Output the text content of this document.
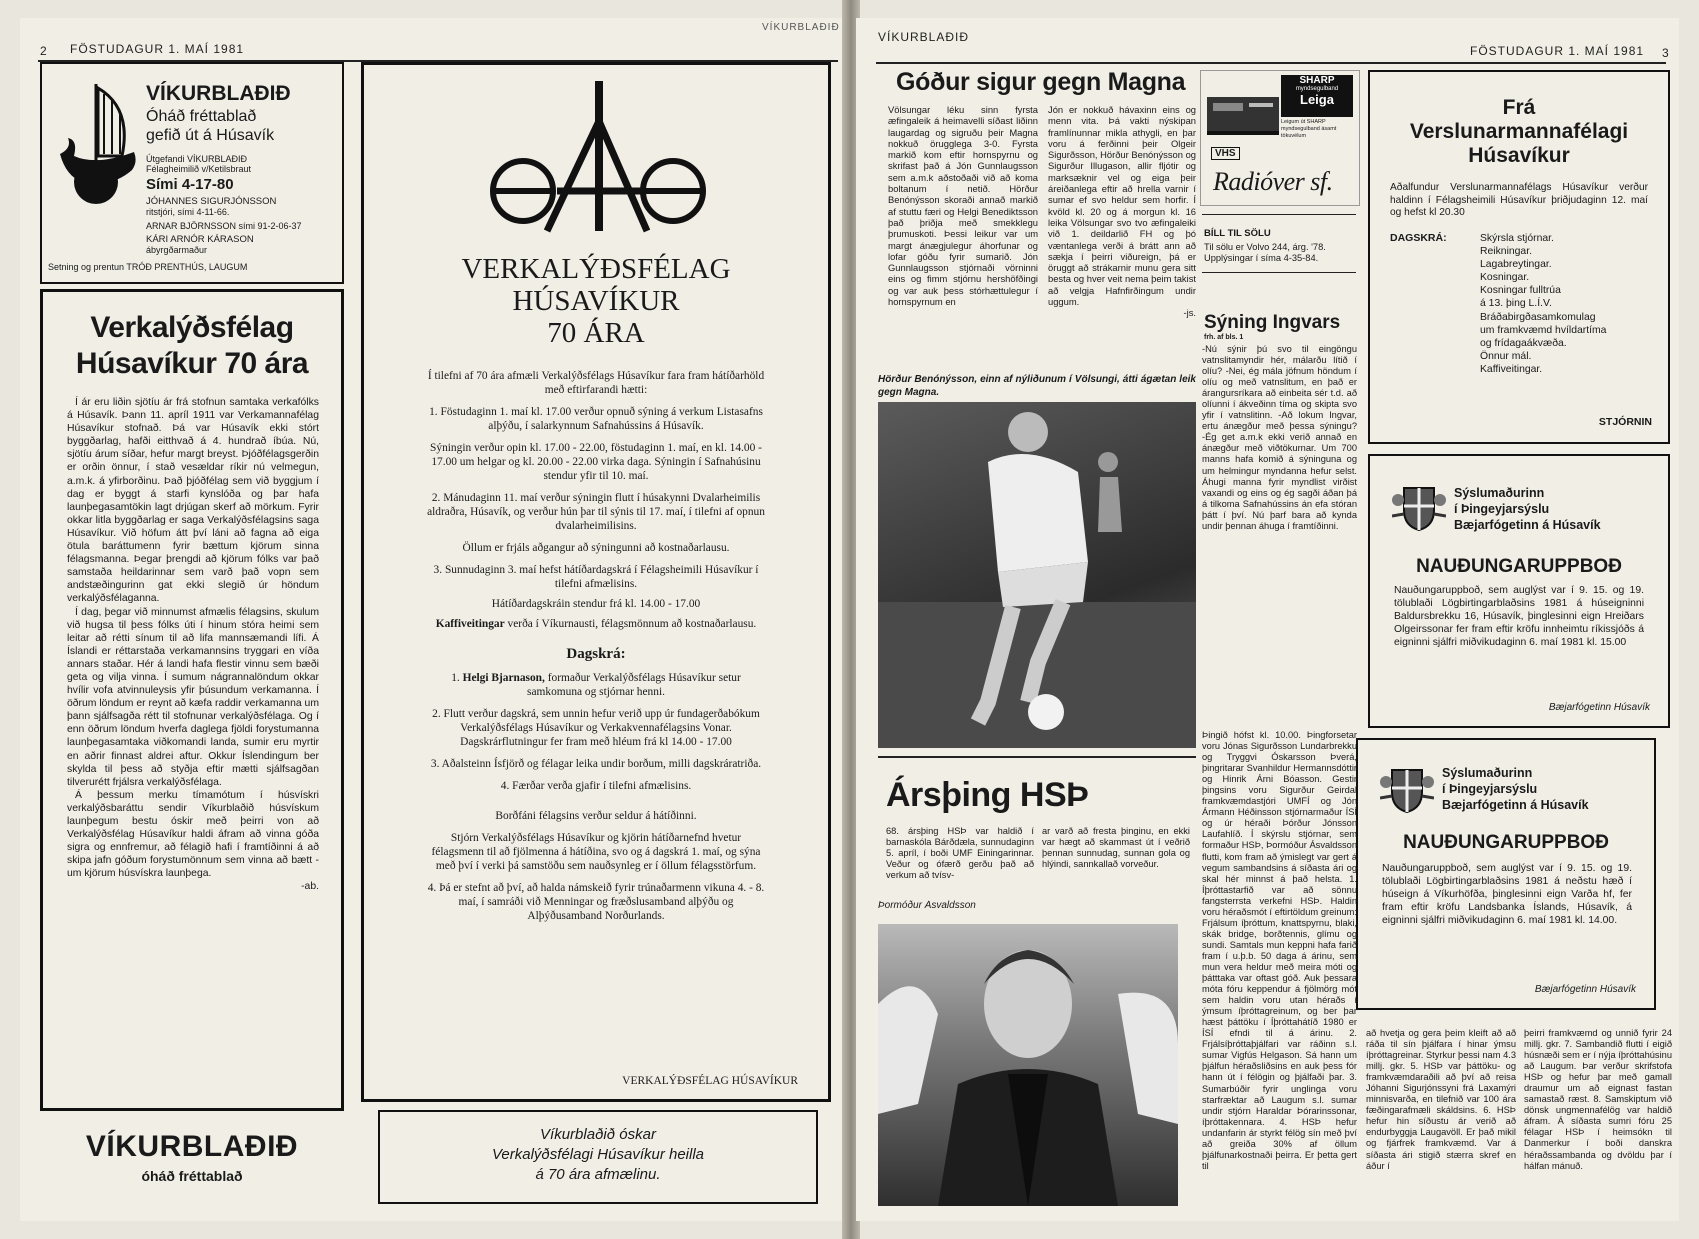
2 FÖSTUDAGUR 1. MAÍ 1981
VÍKURBLAÐIÐ
VÍKURBLAÐIÐ
Óháð fréttablað
gefið út á Húsavík
Útgefandi VÍKURBLAÐIÐ
Félagheimilið v/Ketilsbraut
Sími 4-17-80
JÓHANNES SIGURJÓNSSON
ritstjóri, sími 4-11-66.
ARNAR BJÖRNSSON sími 91-2-06-37
KÁRI ARNÓR KÁRASON
ábyrgðarmaður
Setning og prentun TRÓÐ PRENTHÚS, LAUGUM
Verkalýðsfélag
Húsavíkur 70 ára

Í ár eru liðin sjötíu ár frá stofnun samtaka verkafólks á Húsavík. Þann 11. apríl 1911 var Verkamannafélag Húsavíkur stofnað. Þá var Húsavík ekki stórt byggðarlag, hafði eitthvað á 4. hundrað íbúa. Nú, sjötíu árum síðar, hefur margt breyst. Þjóðfélagsgerðin er orðin önnur, í stað vesældar ríkir nú velmegun, a.m.k. á yfirborðinu. Það þjóðfélag sem við byggjum í dag er byggt á starfi kynslóða og þar hafa launþegasamtökin lagt drjúgan skerf að mörkum. Fyrir okkar litla byggðarlag er saga Verkalýðsfélagsins saga Húsavíkur. Við höfum átt því láni að fagna að eiga ötula baráttumenn fyrir bættum kjörum sinna félagsmanna. Þegar þrengdi að kjörum fólks var það samstaða heildarinnar sem varð það vopn sem andstæðingurinn gat ekki slegið úr höndum verkalýðsfélaganna.

Í dag, þegar við minnumst afmælis félagsins, skulum við hugsa til þess fólks úti í hinum stóra heimi sem leitar að rétti sínum til að lifa mannsæmandi lífi. Á Íslandi er réttarstaða verkamannsins tryggari en víða annars staðar. Hér á landi hafa flestir vinnu sem bæði geta og vilja vinna. Í sumum nágrannalöndum okkar hvílir vofa atvinnuleysis yfir þúsundum verkamanna. Í öðrum löndum er reynt að kæfa raddir verkamanna um þann sjálfsagða rétt til stofnunar verkalýðsfélaga. Og í enn öðrum löndum hverfa daglega fjöldi forystumanna launþegasamtaka viðkomandi landa, sumir eru myrtir en aðrir finnast aldrei aftur. Okkur Íslendingum ber skylda til þess að styðja eftir mætti sjálfsagðan tilverurétt frjálsra verkalýðsfélaga.

Á þessum merku tímamótum í húsvískri verkalýðsbaráttu sendir Víkurblaðið húsvískum launþegum bestu óskir með þeirri von að Verkalýðsfélag Húsavíkur haldi áfram að vinna góða sigra og ennfremur, að félagið hafi í framtíðinni á að skipa jafn góðum forystumönnum sem vinna að bætt - um kjörum húsvískra launþega.

-ab.

VÍKURBLAÐIÐ
óháð fréttablað
VERKALÝÐSFÉLAG
HÚSAVÍKUR
70 ÁRA

Í tilefni af 70 ára afmæli Verkalýðsfélags Húsavíkur fara fram hátíðarhöld með eftirfarandi hætti:

1. Föstudaginn 1. maí kl. 17.00 verður opnuð sýning á verkum Listasafns alþýðu, í salarkynnum Safnahússins á Húsavík.

Sýningin verður opin kl. 17.00 - 22.00, föstudaginn 1. maí, en kl. 14.00 - 17.00 um helgar og kl. 20.00 - 22.00 virka daga. Sýningin í Safnahúsinu stendur yfir til 10. maí.

2. Mánudaginn 11. maí verður sýningin flutt í húsakynni Dvalarheimilis aldraðra, Húsavík, og verður hún þar til sýnis til 17. maí, í tilefni af opnun dvalarheimilisins.

Öllum er frjáls aðgangur að sýningunni að kostnaðarlausu.

3. Sunnudaginn 3. maí hefst hátíðardagskrá í Félagsheimili Húsavíkur í tilefni afmælisins.

Hátíðardagskráin stendur frá kl. 14.00 - 17.00

Kaffiveitingar verða í Víkurnausti, félagsmönnum að kostnaðarlausu.

Dagskrá:

1. Helgi Bjarnason, formaður Verkalýðsfélags Húsavíkur setur samkomuna og stjórnar henni.

2. Flutt verður dagskrá, sem unnin hefur verið upp úr fundagerðabókum Verkalýðsfélags Húsavíkur og Verkakvennafélagsins Vonar. Dagskrárflutningur fer fram með hléum frá kl 14.00 - 17.00

3. Aðalsteinn Ísfjörð og félagar leika undir borðum, milli dagskráratriða.

4. Færðar verða gjafir í tilefni afmælisins.

Borðfáni félagsins verður seldur á hátíðinni.

Stjórn Verkalýðsfélags Húsavíkur og kjörin hátíðarnefnd hvetur félagsmenn til að fjölmenna á hátíðina, svo og á dagskrá 1. maí, og sýna með því í verki þá samstöðu sem nauðsynleg er í öllum félagsstörfum.

4. Þá er stefnt að því, að halda námskeið fyrir trúnaðarmenn vikuna 4. - 8. maí, í samráði við Menningar og fræðslusamband alþýðu og Alþýðusamband Norðurlands.

VERKALÝÐSFÉLAG HÚSAVÍKUR
Víkurblaðið óskar
Verkalýðsfélagi Húsavíkur heilla
á 70 ára afmælinu.
VÍKURBLAÐIÐ
FÖSTUDAGUR 1. MAÍ 1981 3
Góður sigur gegn Magna
Völsungar léku sinn fyrsta æfingaleik á heimavelli síðast liðinn laugardag og sigruðu þeir Magna nokkuð örugglega 3-0. Fyrsta markið kom eftir hornspyrnu og skrifast það á Jón Gunnlaugsson sem a.m.k aðstoðaði við að koma boltanum í netið. Hörður Benónýsson skoraði annað markið af stuttu færi og Helgi Benediktsson það þriðja með smekklegu þrumuskoti. Þessi leikur var um margt ánægjulegur áhorfunar og lofar góðu fyrir sumarið. Jón Gunnlaugsson stjórnaði vörninni eins og fimm stjórnu hershöfðingi og var auk þess stórhættulegur í hornspyrnum en

Jón er nokkuð hávaxinn eins og menn vita. Þá vakti nýskipan framlínunnar mikla athygli, en þar voru á ferðinni þeir Olgeir Sigurðsson, Hörður Benónýsson og Sigurður Illugason, allir fljótir og marksæknir vel og eiga þeir áreiðanlega eftir að hrella varnir í sumar ef svo heldur sem horfir. Í kvöld kl. 20 og á morgun kl. 16 leika Völsungar svo tvo æfingaleiki við 1. deildarlið FH og þó væntanlega verði á brátt ann að sækja í þeirri viðureign, þá er öruggt að strákarnir munu gera sitt besta og hver veit nema þeim takist að velgja Hafnfirðingum undir uggum.

-js.

Hörður Benónýsson, einn af nýliðunum í Völsungi, átti ágætan leik gegn Magna.
Ársþing HSÞ
68. ársþing HSÞ var haldið í barnaskóla Bárðdæla, sunnudaginn 5. apríl, í boði UMF Einingarinnar. Veður og ófærð gerðu það að verkum að tvísv-
ar varð að fresta þinginu, en ekki var hægt að skammast út í veðrið þennan sunnudag, sunnan gola og hlýindi, sannkallað vorveður.
Þormóður Ásvaldsson
Þingið hófst kl. 10.00. Þingforsetar voru Jónas Sigurðsson Lundarbrekku og Tryggvi Óskarsson Þverá, þingritarar Svanhildur Hermannsdóttir og Hinrik Árni Bóasson. Gestir þingsins voru Sigurður Geirdal framkvæmdastjóri UMFÍ og Jón Ármann Héðinsson stjórnarmaður ÍSÍ og úr héraði Þórður Jónsson Laufahlíð. Í skýrslu stjórnar, sem formaður HSÞ, Þormóður Ásvaldsson flutti, kom fram að ýmislegt var gert á vegum sambandsins á síðasta ári og skal hér minnst á það helsta. 1. Íþróttastarfið var að sönnu fangsterrsta verkefni HSÞ. Haldin voru héraðsmót í eftirtöldum greinum: Frjálsum íþróttum, knattspyrnu, blaki, skák bridge, borðtennis, glímu og sundi. Samtals mun keppni hafa farið fram í u.þ.b. 50 daga á árinu, sem mun vera heldur með meira móti og þátttaka var oftast góð. Auk þessara móta fóru keppendur á fjölmörg mót sem haldin voru utan héraðs í ýmsum íþróttagreinum, og ber þar hæst þáttöku í Íþróttahátíð 1980 er ÍSÍ efndi til á árinu. 2. Frjálsíþróttaþjálfari var ráðinn s.l. sumar Vigfús Helgason. Sá hann um þjálfun héraðsliðsins en auk þess fór hann út í félögin og þjálfaði þar. 3. Sumarbúðir fyrir unglinga voru starfræktar að Laugum s.l. sumar undir stjórn Haraldar Þórarinssonar, íþróttakennara. 4. HSÞ hefur undanfarin ár styrkt félög sín með því að greiða 30% af öllum þjálfunarkostnaði þeirra. Er þetta gert til
að hvetja og gera þeim kleift að að ráða til sín þjálfara í hinar ýmsu íþróttagreinar. Styrkur þessi nam 4.3 millj. gkr. 5. HSÞ var þáttöku- og framkvæmdaraðili að því að reisa Jóhanni Sigurjónssyni frá Laxamýri minnisvarða, en tilefnið var 100 ára fæðingarafmæli skáldsins. 6. HSÞ hefur hin síðustu ár verið að endurbyggja Laugavöll. Er það mikil og fjárfrek framkvæmd. Var á síðasta ári stigið stærra skref en áður í
þeirri framkvæmd og unnið fyrir 24 millj. gkr. 7. Sambandið flutti í eigið húsnæði sem er í nýja íþróttahúsinu að Laugum. Þar verður skrifstofa HSÞ og hefur þar með gamall draumur um að eignast fastan samastað ræst. 8. Samskiptum við dönsk ungmennafélög var haldið áfram. Á síðasta sumri fóru 25 félagar HSÞ í heimsókn til Danmerkur í boði danskra héraðssambanda og dvöldu þar í hálfan mánuð.
SHARP
myndsegulband
Leiga
Leigum út SHARP myndsegulband ásamt tökuvélum
VHS
Radióver sf.
BÍLL TIL SÖLU
Til sölu er Volvo 244, árg. '78. Upplýsingar í síma 4-35-84.
Sýning Ingvars
frh. af bls. 1
-Nú sýnir þú svo til eingöngu vatnslitamyndir hér, málarðu lítið í olíu? -Nei, ég mála jöfnum höndum í olíu og með vatnslitum, en það er árangursríkara að einbeita sér t.d. að olíunni í ákveðinn tíma og skipta svo yfir í vatnslitinn. -Að lokum Ingvar, ertu ánægður með þessa sýningu? -Ég get a.m.k ekki verið annað en ánægður með viðtökurnar. Um 700 manns hafa komið á sýninguna og um helmingur myndanna hefur selst. Áhugi manna fyrir myndlist virðist vaxandi og eins og ég sagði áðan þá á tilkoma Safnahússins án efa stóran þátt í því. Nú þarf bara að kynda undir þennan áhuga í framtíðinni.
Frá
Verslunarmannafélagi
Húsavíkur
Aðalfundur Verslunarmannafélags Húsavíkur verður haldinn í Félagsheimili Húsavíkur þriðjudaginn 12. maí og hefst kl 20.30
DAGSKRÁ:	Skýrsla stjórnar.
Reikningar.
Lagabreytingar.
Kosningar.
Kosningar fulltrúa
á 13. þing L.Í.V.
Bráðabirgðasamkomulag
um framkvæmd hvíldartíma
og frídagaákvæða.
Önnur mál.
Kaffiveitingar.
STJÓRNIN
Sýslumaðurinn
í Þingeyjarsýslu
Bæjarfógetinn á Húsavík
NAUÐUNGARUPPBOÐ
Nauðungaruppboð, sem auglýst var í 9. 15. og 19. tölublaði Lögbirtingarblaðsins 1981 á húseigninni Baldursbrekku 16, Húsavík, þinglesinni eign Hreiðars Olgeirssonar fer fram eftir kröfu innheimtu ríkissjóðs á eigninni sjálfri miðvikudaginn 6. maí 1981 kl. 15.00
Bæjarfógetinn Húsavík
Sýslumaðurinn
í Þingeyjarsýslu
Bæjarfógetinn á Húsavík
NAUÐUNGARUPPBOÐ
Nauðungaruppboð, sem auglýst var í 9. 15. og 19. tölublaði Lögbirtingarblaðsins 1981 á neðstu hæð í húseign á Víkurhöfða, þinglesinni eign Varða hf, fer fram eftir kröfu Landsbanka Íslands, Húsavík, á eigninni sjálfri miðvikudaginn 6. maí 1981 kl. 14.00.
Bæjarfógetinn Húsavík
